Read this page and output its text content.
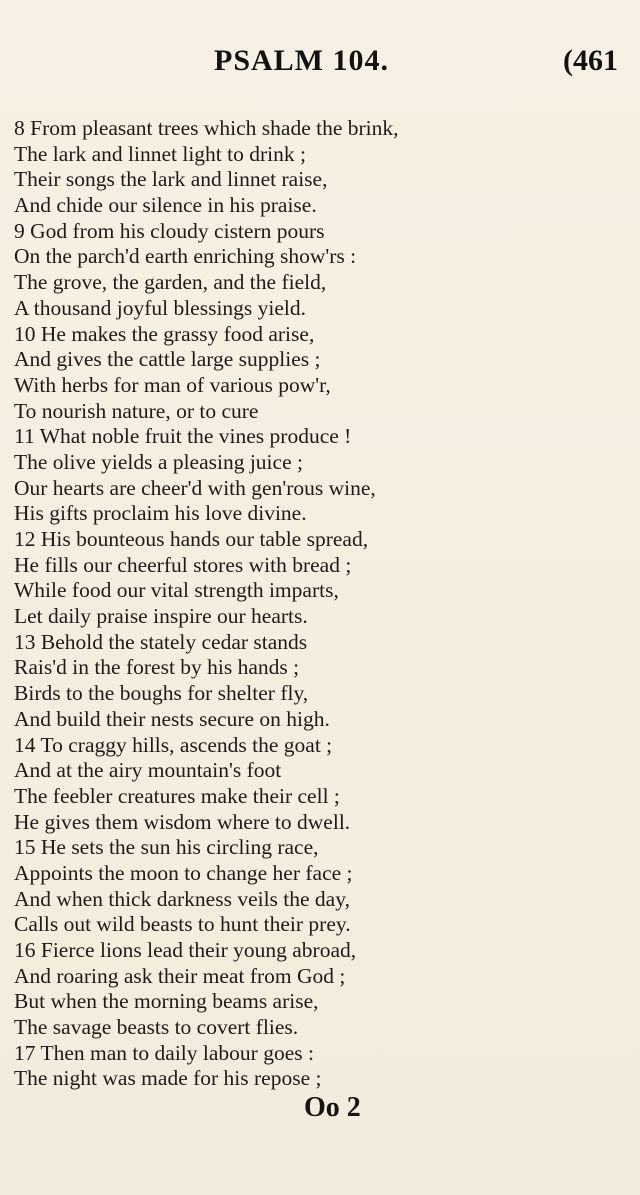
PSALM 104.	(461
8 From pleasant trees which shade the brink,
The lark and linnet light to drink ;
Their songs the lark and linnet raise,
And chide our silence in his praise.
9 God from his cloudy cistern pours
On the parch'd earth enriching show'rs :
The grove, the garden, and the field,
A thousand joyful blessings yield.
10 He makes the grassy food arise,
And gives the cattle large supplies ;
With herbs for man of various pow'r,
To nourish nature, or to cure
11 What noble fruit the vines produce !
The olive yields a pleasing juice ;
Our hearts are cheer'd with gen'rous wine,
His gifts proclaim his love divine.
12 His bounteous hands our table spread,
He fills our cheerful stores with bread ;
While food our vital strength imparts,
Let daily praise inspire our hearts.
13 Behold the stately cedar stands
Rais'd in the forest by his hands ;
Birds to the boughs for shelter fly,
And build their nests secure on high.
14 To craggy hills, ascends the goat ;
And at the airy mountain's foot
The feebler creatures make their cell ;
He gives them wisdom where to dwell.
15 He sets the sun his circling race,
Appoints the moon to change her face ;
And when thick darkness veils the day,
Calls out wild beasts to hunt their prey.
16 Fierce lions lead their young abroad,
And roaring ask their meat from God ;
But when the morning beams arise,
The savage beasts to covert flies.
17 Then man to daily labour goes :
The night was made for his repose ;
Oo 2
